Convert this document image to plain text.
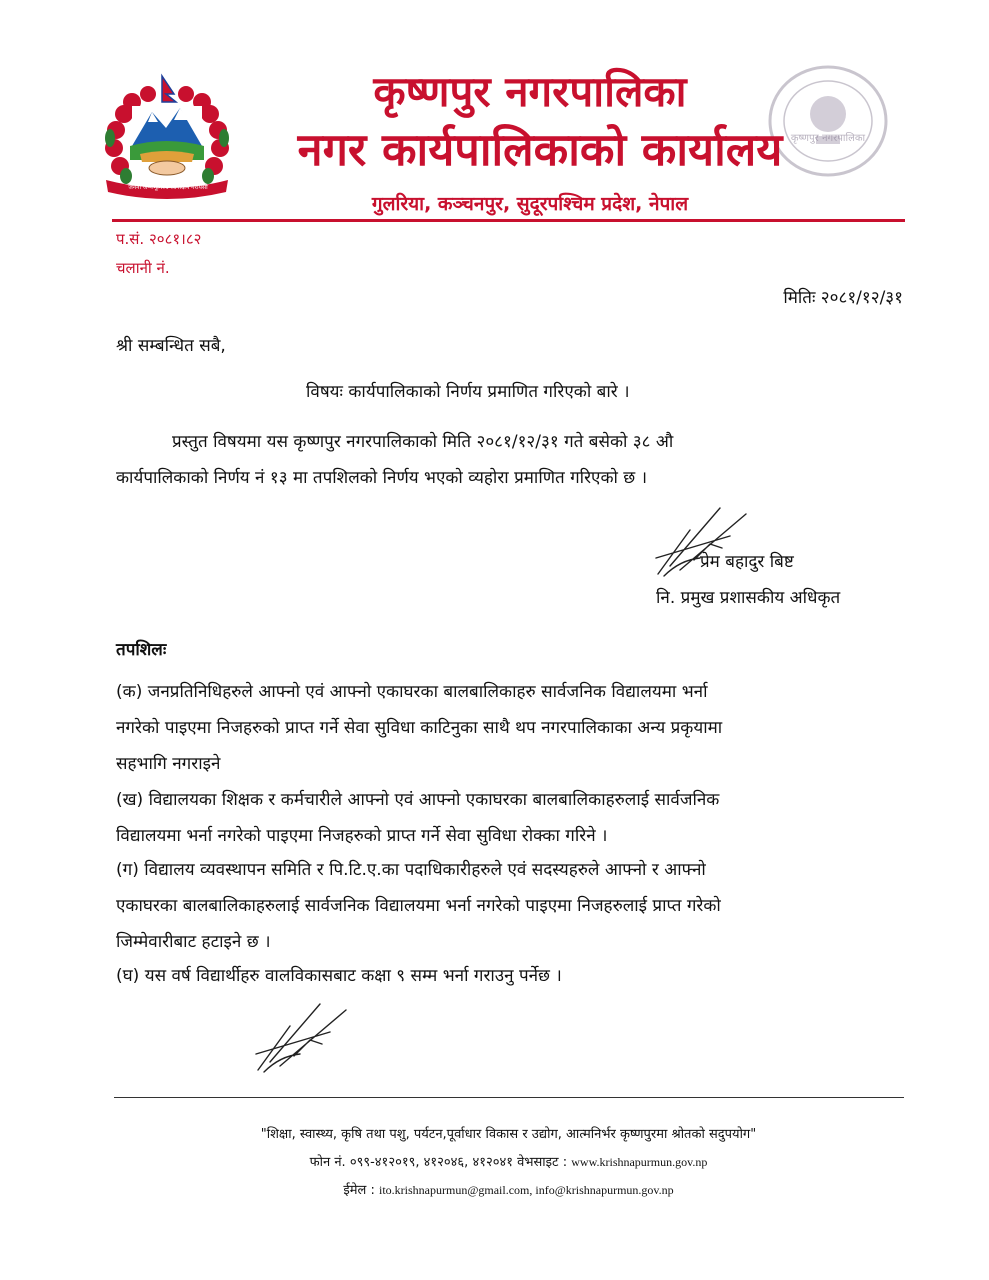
जननी जन्मभूमिश्च स्वर्गादपि गरीयसी
कृष्णपुर नगरपालिका
कृष्णपुर नगरपालिका
नगर कार्यपालिकाको कार्यालय
गुलरिया, कञ्चनपुर, सुदूरपश्चिम प्रदेश, नेपाल
प.सं. २०८१।८२
चलानी नं.
मितिः २०८१/१२/३१
श्री सम्बन्धित सबै,
विषयः कार्यपालिकाको निर्णय प्रमाणित गरिएको बारे ।
प्रस्तुत विषयमा यस कृष्णपुर नगरपालिकाको मिति २०८१/१२/३१ गते बसेको ३८ औ
कार्यपालिकाको निर्णय नं १३ मा तपशिलको निर्णय भएको व्यहोरा प्रमाणित गरिएको छ ।
प्रेम बहादुर बिष्ट
नि. प्रमुख प्रशासकीय अधिकृत
तपशिलः
(क) जनप्रतिनिधिहरुले आफ्नो एवं आफ्नो एकाघरका बालबालिकाहरु सार्वजनिक विद्यालयमा भर्ना
नगरेको पाइएमा निजहरुको प्राप्त गर्ने सेवा सुविधा काटिनुका साथै थप नगरपालिकाका अन्य प्रकृयामा
सहभागि नगराइने
(ख) विद्यालयका शिक्षक र कर्मचारीले आफ्नो एवं आफ्नो एकाघरका बालबालिकाहरुलाई सार्वजनिक
विद्यालयमा भर्ना नगरेको पाइएमा निजहरुको प्राप्त गर्ने सेवा सुविधा रोक्का गरिने ।
(ग) विद्यालय व्यवस्थापन समिति र पि.टि.ए.का पदाधिकारीहरुले एवं सदस्यहरुले आफ्नो र आफ्नो
एकाघरका बालबालिकाहरुलाई सार्वजनिक विद्यालयमा भर्ना नगरेको पाइएमा निजहरुलाई प्राप्त गरेको
जिम्मेवारीबाट हटाइने छ ।
(घ) यस वर्ष विद्यार्थीहरु वालविकासबाट कक्षा ९ सम्म भर्ना गराउनु पर्नेछ ।
"शिक्षा, स्वास्थ्य, कृषि तथा पशु, पर्यटन,पूर्वाधार विकास र उद्योग, आत्मनिर्भर कृष्णपुरमा श्रोतको सदुपयोग"
फोन नं. ०९९-४१२०१९, ४१२०४६, ४१२०४१ वेभसाइट : www.krishnapurmun.gov.np
ईमेल : ito.krishnapurmun@gmail.com, info@krishnapurmun.gov.np
